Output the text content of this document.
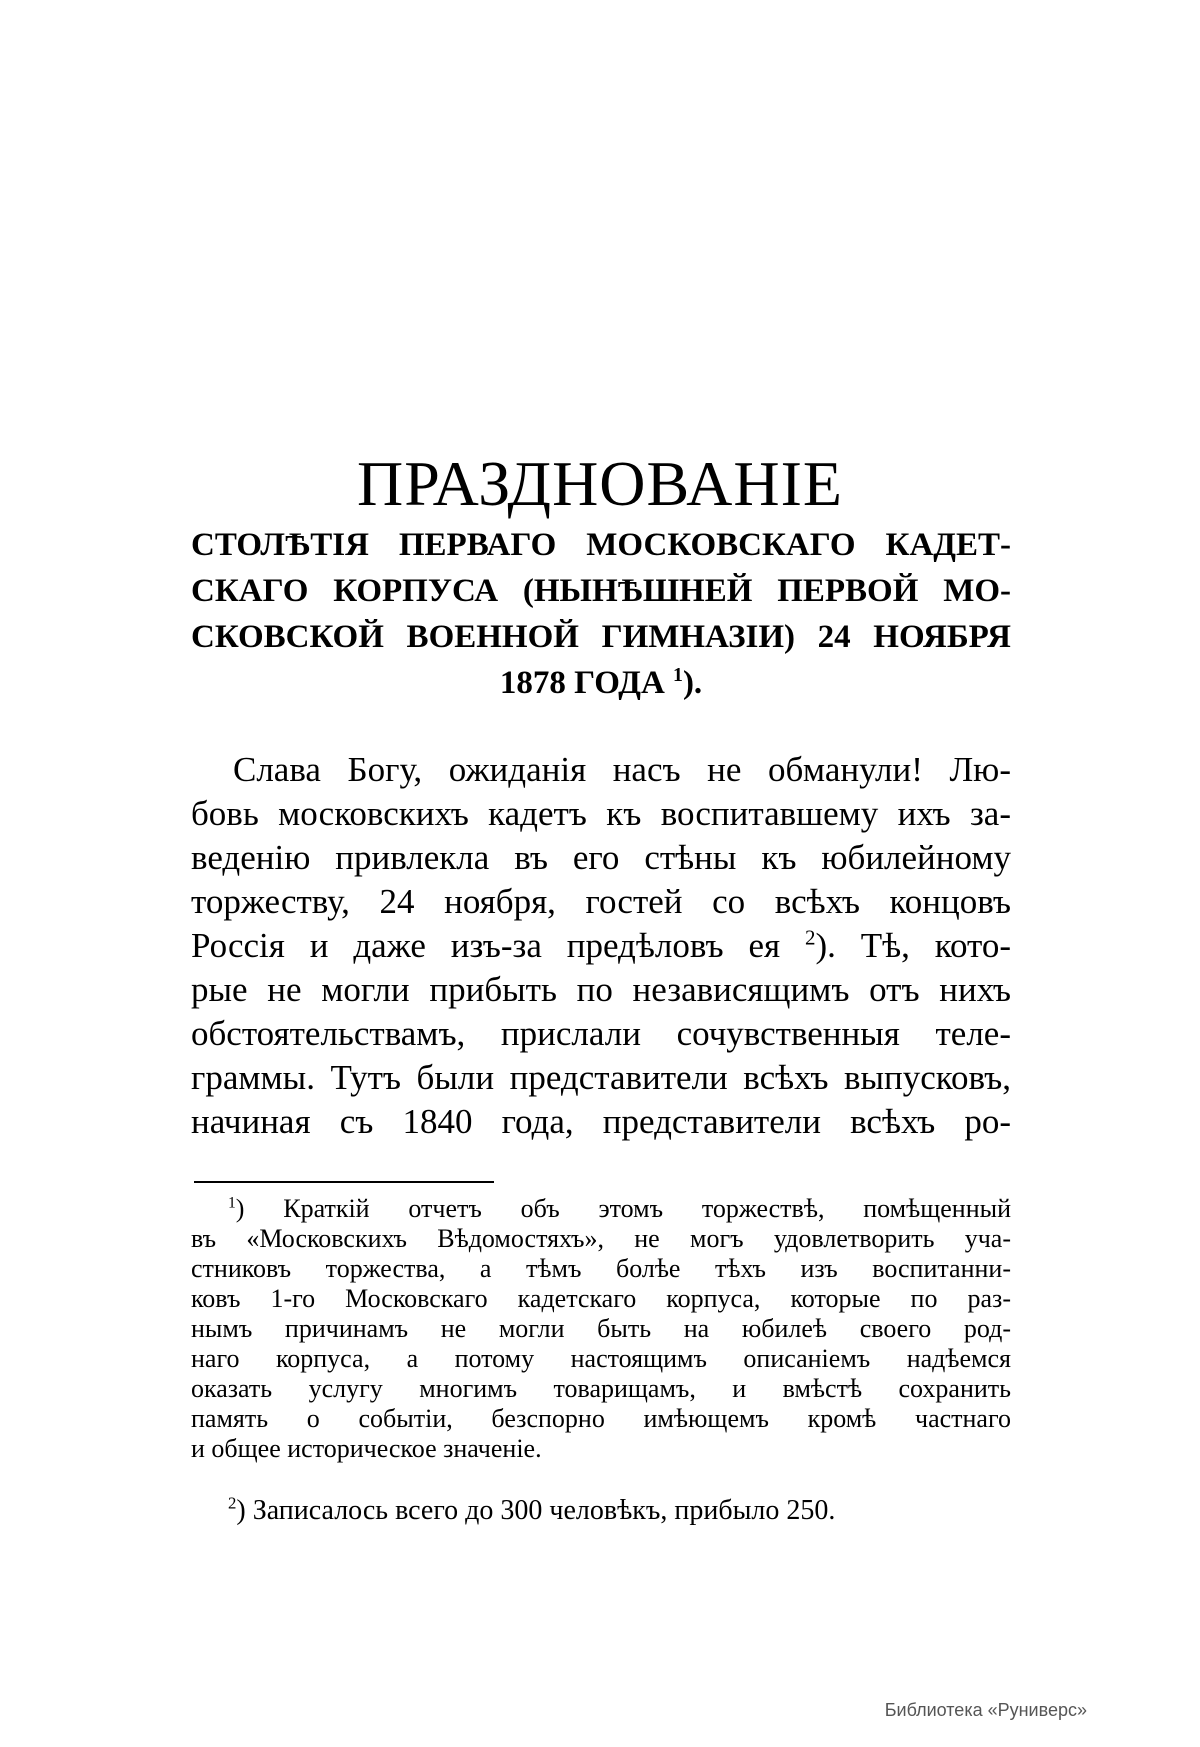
ПРАЗДНОВАНІЕ
СТОЛѢТІЯ ПЕРВАГО МОСКОВСКАГО КАДЕТ-
СКАГО КОРПУСА (НЫНѢШНЕЙ ПЕРВОЙ МО-
СКОВСКОЙ ВОЕННОЙ ГИМНАЗІИ) 24 НОЯБРЯ
1878 ГОДА $^1$).
Слава Богу, ожиданія насъ не обманули! Лю-
бовь московскихъ кадетъ къ воспитавшему ихъ за-
веденію привлекла въ его стѣны къ юбилейному
торжеству, 24 ноября, гостей со всѣхъ концовъ
Россія и даже изъ-за предѣловъ ея $^2$). Тѣ, кото-
рые не могли прибыть по независящимъ отъ нихъ
обстоятельствамъ, прислали сочувственныя теле-
граммы. Тутъ были представители всѣхъ выпусковъ,
начиная съ 1840 года, представители всѣхъ ро-
$^1$) Краткій отчетъ объ этомъ торжествѣ, помѣщенный
въ «Московскихъ Вѣдомостяхъ», не могъ удовлетворить уча-
стниковъ торжества, а тѣмъ болѣе тѣхъ изъ воспитанни-
ковъ 1-го Московскаго кадетскаго корпуса, которые по раз-
нымъ причинамъ не могли быть на юбилеѣ своего род-
наго корпуса, а потому настоящимъ описаніемъ надѣемся
оказать услугу многимъ товарищамъ, и вмѣстѣ сохранить
память о событіи, безспорно имѣющемъ кромѣ частнаго
и общее историческое значеніе.
$^2$) Записалось всего до 300 человѣкъ, прибыло 250.
Библиотека «Руниверс»
